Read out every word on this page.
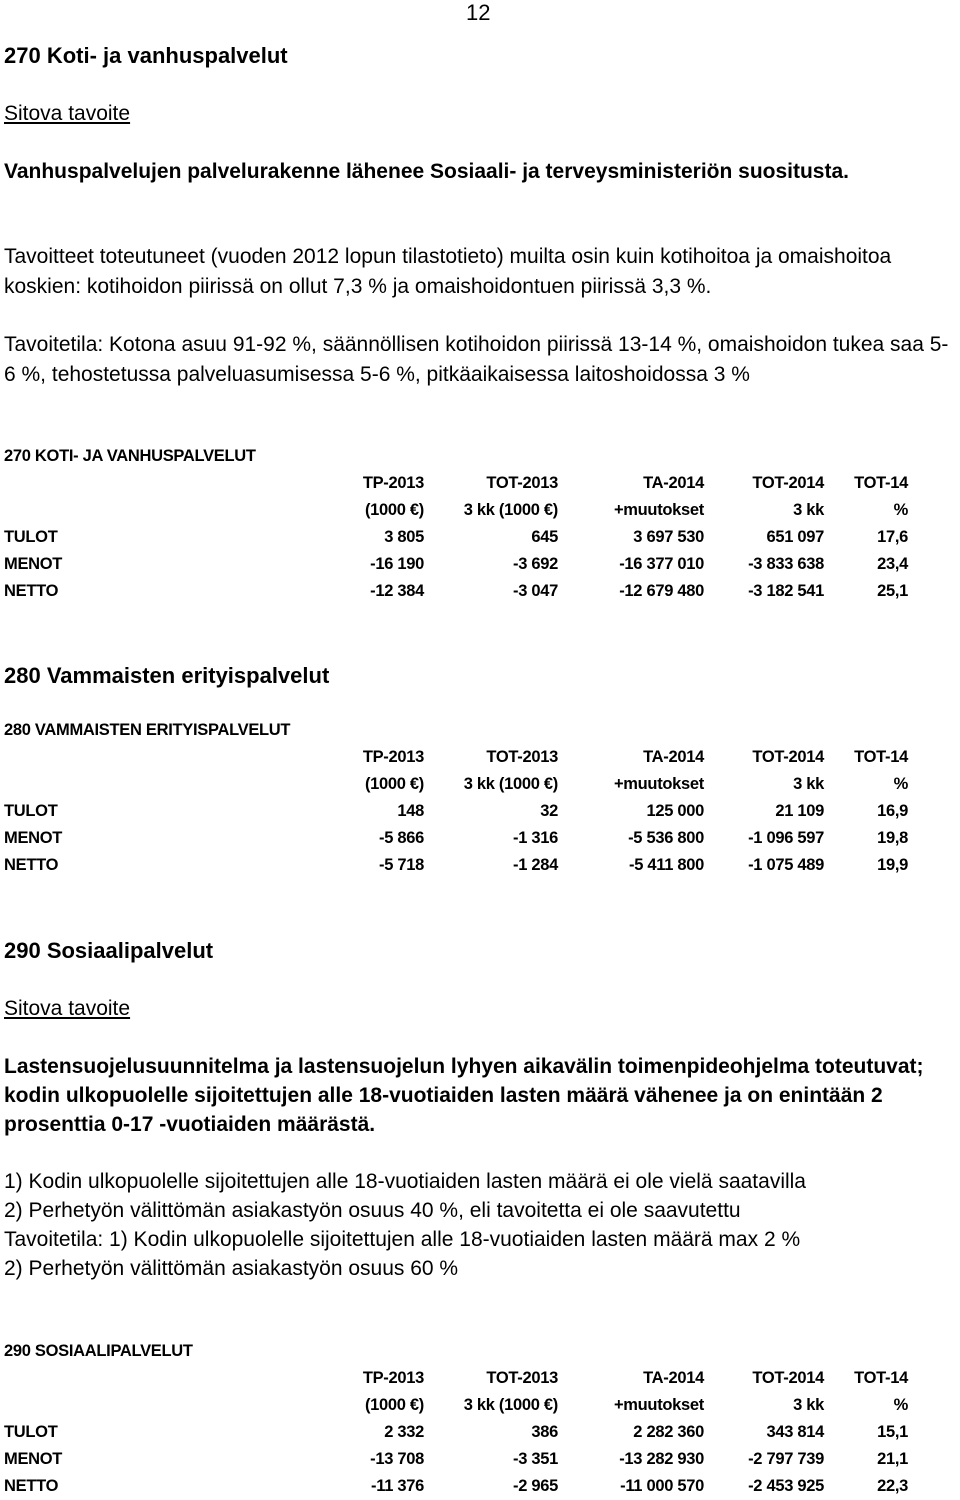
12
270 Koti- ja vanhuspalvelut
Sitova tavoite
Vanhuspalvelujen palvelurakenne lähenee Sosiaali- ja terveysministeriön suositusta.
Tavoitteet toteutuneet (vuoden 2012 lopun tilastotieto) muilta osin kuin kotihoitoa ja omaishoitoa koskien: kotihoidon piirissä on ollut 7,3 % ja omaishoidontuen piirissä 3,3 %.
Tavoitetila: Kotona asuu 91-92 %, säännöllisen kotihoidon piirissä 13-14 %, omaishoidon tukea saa 5-6 %, tehostetussa palveluasumisessa 5-6 %, pitkäaikaisessa laitoshoidossa 3 %
270 KOTI- JA VANHUSPALVELUT
	TP-2013	TOT-2013	TA-2014	TOT-2014	TOT-14
	(1000 €)	3 kk (1000 €)	+muutokset	3 kk	%
TULOT	3 805	645	3 697 530	651 097	17,6
MENOT	-16 190	-3 692	-16 377 010	-3 833 638	23,4
NETTO	-12 384	-3 047	-12 679 480	-3 182 541	25,1
280 Vammaisten erityispalvelut
280 VAMMAISTEN ERITYISPALVELUT
	TP-2013	TOT-2013	TA-2014	TOT-2014	TOT-14
	(1000 €)	3 kk (1000 €)	+muutokset	3 kk	%
TULOT	148	32	125 000	21 109	16,9
MENOT	-5 866	-1 316	-5 536 800	-1 096 597	19,8
NETTO	-5 718	-1 284	-5 411 800	-1 075 489	19,9
290 Sosiaalipalvelut
Sitova tavoite
Lastensuojelusuunnitelma ja lastensuojelun lyhyen aikavälin toimenpideohjelma toteutuvat; kodin ulkopuolelle sijoitettujen alle 18-vuotiaiden lasten määrä vähenee ja on enintään 2 prosenttia 0-17 -vuotiaiden määrästä.
1) Kodin ulkopuolelle sijoitettujen alle 18-vuotiaiden lasten määrä ei ole vielä saatavilla
2) Perhetyön välittömän asiakastyön osuus 40 %, eli tavoitetta ei ole saavutettu
Tavoitetila: 1) Kodin ulkopuolelle sijoitettujen alle 18-vuotiaiden lasten määrä max 2 %
2) Perhetyön välittömän asiakastyön osuus 60 %
290 SOSIAALIPALVELUT
	TP-2013	TOT-2013	TA-2014	TOT-2014	TOT-14
	(1000 €)	3 kk (1000 €)	+muutokset	3 kk	%
TULOT	2 332	386	2 282 360	343 814	15,1
MENOT	-13 708	-3 351	-13 282 930	-2 797 739	21,1
NETTO	-11 376	-2 965	-11 000 570	-2 453 925	22,3
